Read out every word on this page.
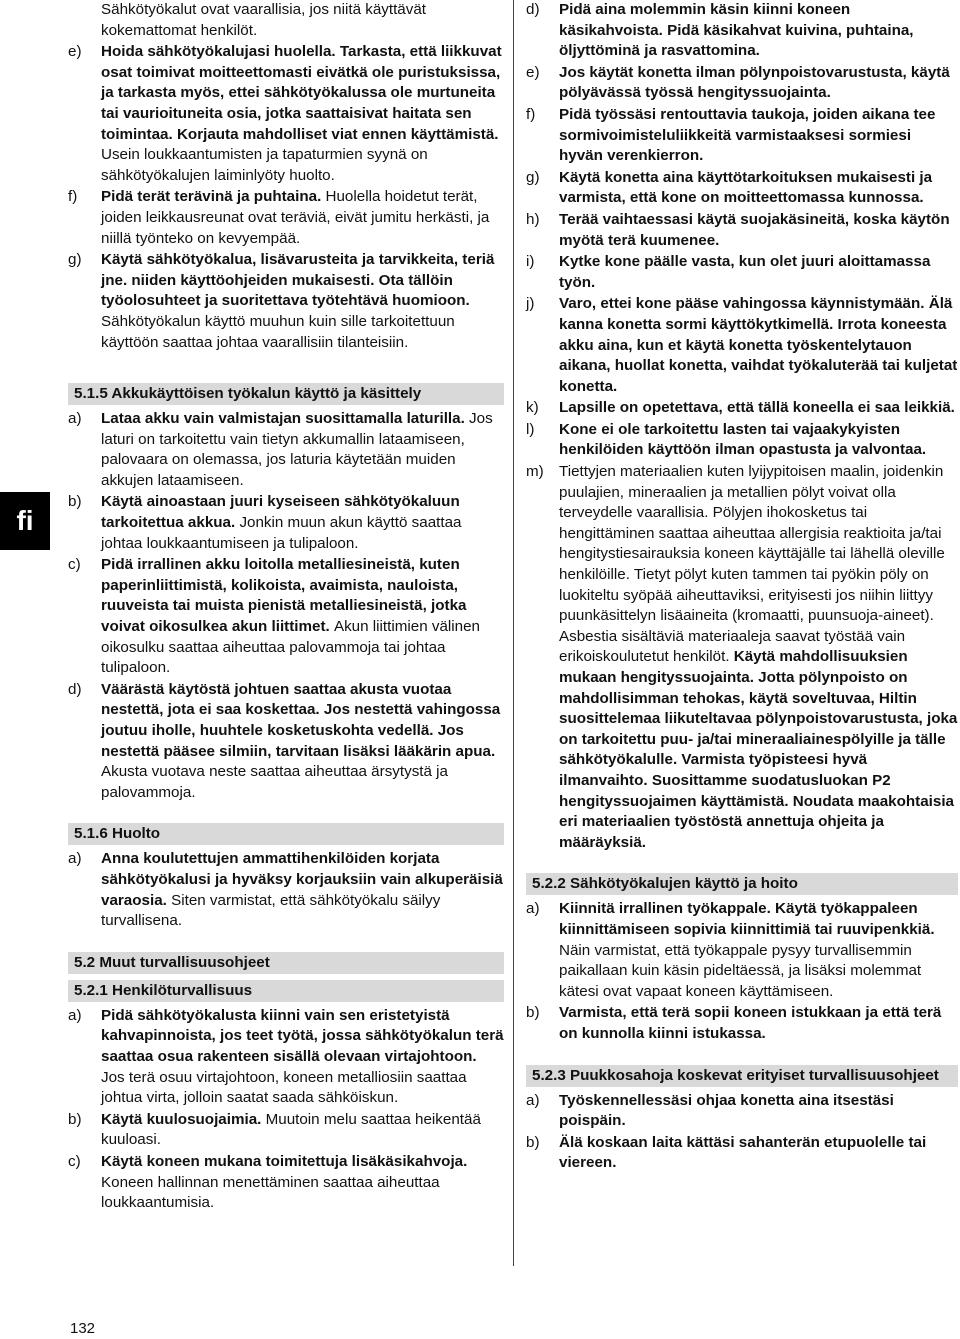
fi
Sähkötyökalut ovat vaarallisia, jos niitä käyttävät kokemattomat henkilöt.
e) Hoida sähkötyökalujasi huolella. Tarkasta, että liikkuvat osat toimivat moitteettomasti eivätkä ole puristuksissa, ja tarkasta myös, ettei sähkötyökalussa ole murtuneita tai vaurioituneita osia, jotka saattaisivat haitata sen toimintaa. Korjauta mahdolliset viat ennen käyttämistä. Usein loukkaantumisten ja tapaturmien syynä on sähkötyökalujen laiminlyöty huolto.
f) Pidä terät terävinä ja puhtaina. Huolella hoidetut terät, joiden leikkausreunat ovat teräviä, eivät jumitu herkästi, ja niillä työnteko on kevyempää.
g) Käytä sähkötyökalua, lisävarusteita ja tarvikkeita, teriä jne. niiden käyttöohjeiden mukaisesti. Ota tällöin työolosuhteet ja suoritettava työtehtävä huomioon. Sähkötyökalun käyttö muuhun kuin sille tarkoitettuun käyttöön saattaa johtaa vaarallisiin tilanteisiin.
5.1.5 Akkukäyttöisen työkalun käyttö ja käsittely
a) Lataa akku vain valmistajan suosittamalla laturilla. Jos laturi on tarkoitettu vain tietyn akkumallin lataamiseen, palovaara on olemassa, jos laturia käytetään muiden akkujen lataamiseen.
b) Käytä ainoastaan juuri kyseiseen sähkötyökaluun tarkoitettua akkua. Jonkin muun akun käyttö saattaa johtaa loukkaantumiseen ja tulipaloon.
c) Pidä irrallinen akku loitolla metalliesineistä, kuten paperinliittimistä, kolikoista, avaimista, nauloista, ruuveista tai muista pienistä metalliesineistä, jotka voivat oikosulkea akun liittimet. Akun liittimien välinen oikosulku saattaa aiheuttaa palovammoja tai johtaa tulipaloon.
d) Väärästä käytöstä johtuen saattaa akusta vuotaa nestettä, jota ei saa koskettaa. Jos nestettä vahingossa joutuu iholle, huuhtele kosketuskohta vedellä. Jos nestettä pääsee silmiin, tarvitaan lisäksi lääkärin apua. Akusta vuotava neste saattaa aiheuttaa ärsytystä ja palovammoja.
5.1.6 Huolto
a) Anna koulutettujen ammattihenkilöiden korjata sähkötyökalusi ja hyväksy korjauksiin vain alkuperäisiä varaosia. Siten varmistat, että sähkötyökalu säilyy turvallisena.
5.2 Muut turvallisuusohjeet
5.2.1 Henkilöturvallisuus
a) Pidä sähkötyökalusta kiinni vain sen eristetyistä kahvapinnoista, jos teet työtä, jossa sähkötyökalun terä saattaa osua rakenteen sisällä olevaan virtajohtoon. Jos terä osuu virtajohtoon, koneen metalliosiin saattaa johtua virta, jolloin saatat saada sähköiskun.
b) Käytä kuulosuojaimia. Muutoin melu saattaa heikentää kuuloasi.
c) Käytä koneen mukana toimitettuja lisäkäsikahvoja. Koneen hallinnan menettäminen saattaa aiheuttaa loukkaantumisia.
d) Pidä aina molemmin käsin kiinni koneen käsikahvoista. Pidä käsikahvat kuivina, puhtaina, öljyttöminä ja rasvattomina.
e) Jos käytät konetta ilman pölynpoistovarustusta, käytä pölyävässä työssä hengityssuojainta.
f) Pidä työssäsi rentouttavia taukoja, joiden aikana tee sormivoimisteluliikkeitä varmistaaksesi sormiesi hyvän verenkierron.
g) Käytä konetta aina käyttötarkoituksen mukaisesti ja varmista, että kone on moitteettomassa kunnossa.
h) Terää vaihtaessasi käytä suojakäsineitä, koska käytön myötä terä kuumenee.
i) Kytke kone päälle vasta, kun olet juuri aloittamassa työn.
j) Varo, ettei kone pääse vahingossa käynnistymään. Älä kanna konetta sormi käyttökytkimellä. Irrota koneesta akku aina, kun et käytä konetta työskentelytauon aikana, huollat konetta, vaihdat työkaluterää tai kuljetat konetta.
k) Lapsille on opetettava, että tällä koneella ei saa leikkiä.
l) Kone ei ole tarkoitettu lasten tai vajaakykyisten henkilöiden käyttöön ilman opastusta ja valvontaa.
m) Tiettyjen materiaalien kuten lyijypitoisen maalin, joidenkin puulajien, mineraalien ja metallien pölyt voivat olla terveydelle vaarallisia. Pölyjen ihokosketus tai hengittäminen saattaa aiheuttaa allergisia reaktioita ja/tai hengitystiesairauksia koneen käyttäjälle tai lähellä oleville henkilöille. Tietyt pölyt kuten tammen tai pyökin pöly on luokiteltu syöpää aiheuttaviksi, erityisesti jos niihin liittyy puunkäsittelyn lisäaineita (kromaatti, puunsuoja-aineet). Asbestia sisältäviä materiaaleja saavat työstää vain erikoiskoulutetut henkilöt. Käytä mahdollisuuksien mukaan hengityssuojainta. Jotta pölynpoisto on mahdollisimman tehokas, käytä soveltuvaa, Hiltin suosittelemaa liikuteltavaa pölynpoistovarustusta, joka on tarkoitettu puu- ja/tai mineraaliainespölyille ja tälle sähkötyökalulle. Varmista työpisteesi hyvä ilmanvaihto. Suosittamme suodatusluokan P2 hengityssuojaimen käyttämistä. Noudata maakohtaisia eri materiaalien työstöstä annettuja ohjeita ja määräyksiä.
5.2.2 Sähkötyökalujen käyttö ja hoito
a) Kiinnitä irrallinen työkappale. Käytä työkappaleen kiinnittämiseen sopivia kiinnittimiä tai ruuvipenkkiä. Näin varmistat, että työkappale pysyy turvallisemmin paikallaan kuin käsin pideltäessä, ja lisäksi molemmat kätesi ovat vapaat koneen käyttämiseen.
b) Varmista, että terä sopii koneen istukkaan ja että terä on kunnolla kiinni istukassa.
5.2.3 Puukkosahoja koskevat erityiset turvallisuusohjeet
a) Työskennellessäsi ohjaa konetta aina itsestäsi poispäin.
b) Älä koskaan laita kättäsi sahanterän etupuolelle tai viereen.
132
